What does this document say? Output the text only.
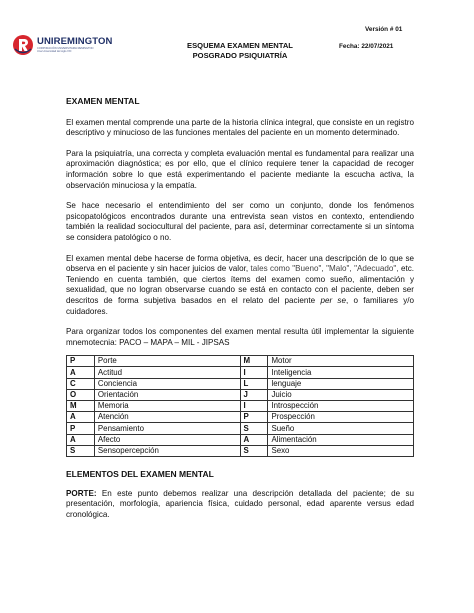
UNIREMINGTON
CORPORACIÓN UNIVERSITARIA REMINGTON
Una Universidad del siglo XXI
ESQUEMA EXAMEN MENTAL
POSGRADO PSIQUIATRÍA
Versión # 01
Fecha: 22/07/2021
EXAMEN MENTAL

El examen mental comprende una parte de la historia clínica integral, que consiste en un registro descriptivo y minucioso de las funciones mentales del paciente en un momento determinado.

Para la psiquiatría, una correcta y completa evaluación mental es fundamental para realizar una aproximación diagnóstica; es por ello, que el clínico requiere tener la capacidad de recoger información sobre lo que está experimentando el paciente mediante la escucha activa, la observación minuciosa y la empatía.

Se hace necesario el entendimiento del ser como un conjunto, donde los fenómenos psicopatológicos encontrados durante una entrevista sean vistos en contexto, entendiendo también la realidad sociocultural del paciente, para así, determinar correctamente si un síntoma se considera patológico o no.

El examen mental debe hacerse de forma objetiva, es decir, hacer una descripción de lo que se observa en el paciente y sin hacer juicios de valor, tales como "Bueno", "Malo", "Adecuado", etc. Teniendo en cuenta también, que ciertos ítems del examen como sueño, alimentación y sexualidad, que no logran observarse cuando se está en contacto con el paciente, deben ser descritos de forma subjetiva basados en el relato del paciente per se, o familiares y/o cuidadores.

Para organizar todos los componentes del examen mental resulta útil implementar la siguiente mnemotecnia: PACO – MAPA – MIL - JIPSAS

P	Porte	M	Motor
A	Actitud	I	Inteligencia
C	Conciencia	L	lenguaje
O	Orientación	J	Juicio
M	Memoria	I	Introspección
A	Atención	P	Prospección
P	Pensamiento	S	Sueño
A	Afecto	A	Alimentación
S	Sensopercepción	S	Sexo
ELEMENTOS DEL EXAMEN MENTAL

PORTE: En este punto debemos realizar una descripción detallada del paciente; de su presentación, morfología, apariencia física, cuidado personal, edad aparente versus edad cronológica.
